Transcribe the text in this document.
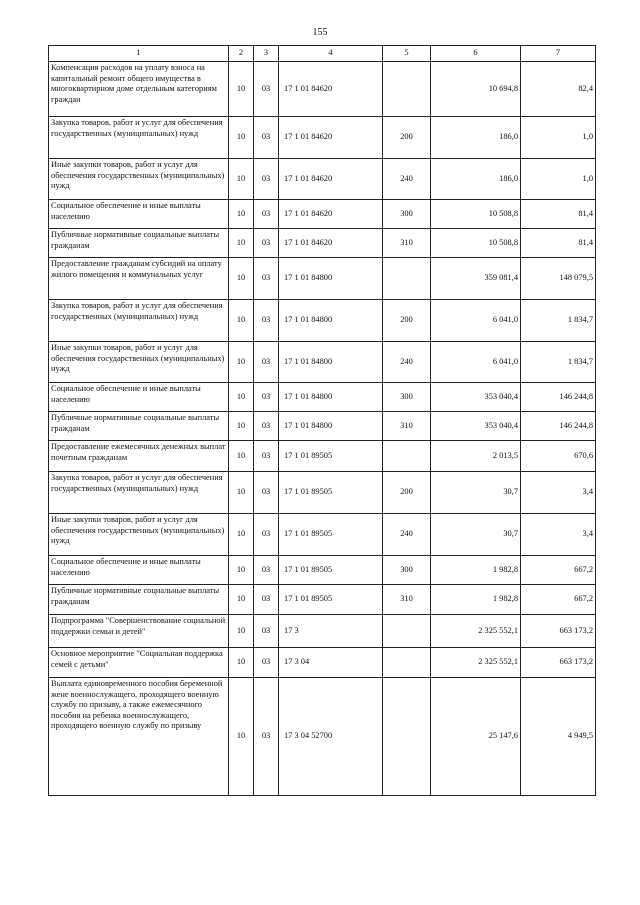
155
1	2	3	4	5	6	7
Компенсация расходов на уплату взноса на капитальный ремонт общего имущества в многоквартирном доме отдельным категориям граждан	10	03	17 1 01 84620		10 694,8	82,4
Закупка товаров, работ и услуг для обеспечения государственных (муниципальных) нужд	10	03	17 1 01 84620	200	186,0	1,0
Иные закупки товаров, работ и услуг для обеспечения государственных (муниципальных) нужд	10	03	17 1 01 84620	240	186,0	1,0
Социальное обеспечение и иные выплаты населению	10	03	17 1 01 84620	300	10 508,8	81,4
Публичные нормативные социальные выплаты гражданам	10	03	17 1 01 84620	310	10 508,8	81,4
Предоставление гражданам субсидий на оплату жилого помещения и коммунальных услуг	10	03	17 1 01 84800		359 081,4	148 079,5
Закупка товаров, работ и услуг для обеспечения государственных (муниципальных) нужд	10	03	17 1 01 84800	200	6 041,0	1 834,7
Иные закупки товаров, работ и услуг для обеспечения государственных (муниципальных) нужд	10	03	17 1 01 84800	240	6 041,0	1 834,7
Социальное обеспечение и иные выплаты населению	10	03	17 1 01 84800	300	353 040,4	146 244,8
Публичные нормативные социальные выплаты гражданам	10	03	17 1 01 84800	310	353 040,4	146 244,8
Предоставление ежемесячных денежных выплат почетным гражданам	10	03	17 1 01 89505		2 013,5	670,6
Закупка товаров, работ и услуг для обеспечения государственных (муниципальных) нужд	10	03	17 1 01 89505	200	30,7	3,4
Иные закупки товаров, работ и услуг для обеспечения государственных (муниципальных) нужд	10	03	17 1 01 89505	240	30,7	3,4
Социальное обеспечение и иные выплаты населению	10	03	17 1 01 89505	300	1 982,8	667,2
Публичные нормативные социальные выплаты гражданам	10	03	17 1 01 89505	310	1 982,8	667,2
Подпрограмма "Совершенствование социальной поддержки семьи и детей"	10	03	17 3		2 325 552,1	663 173,2
Основное мероприятие "Социальная поддержка семей с детьми"	10	03	17 3 04		2 325 552,1	663 173,2
Выплата единовременного пособия беременной жене военнослужащего, проходящего военную службу по призыву, а также ежемесячного пособия на ребенка военнослужащего, проходящего военную службу по призыву	10	03	17 3 04 52700		25 147,6	4 949,5
